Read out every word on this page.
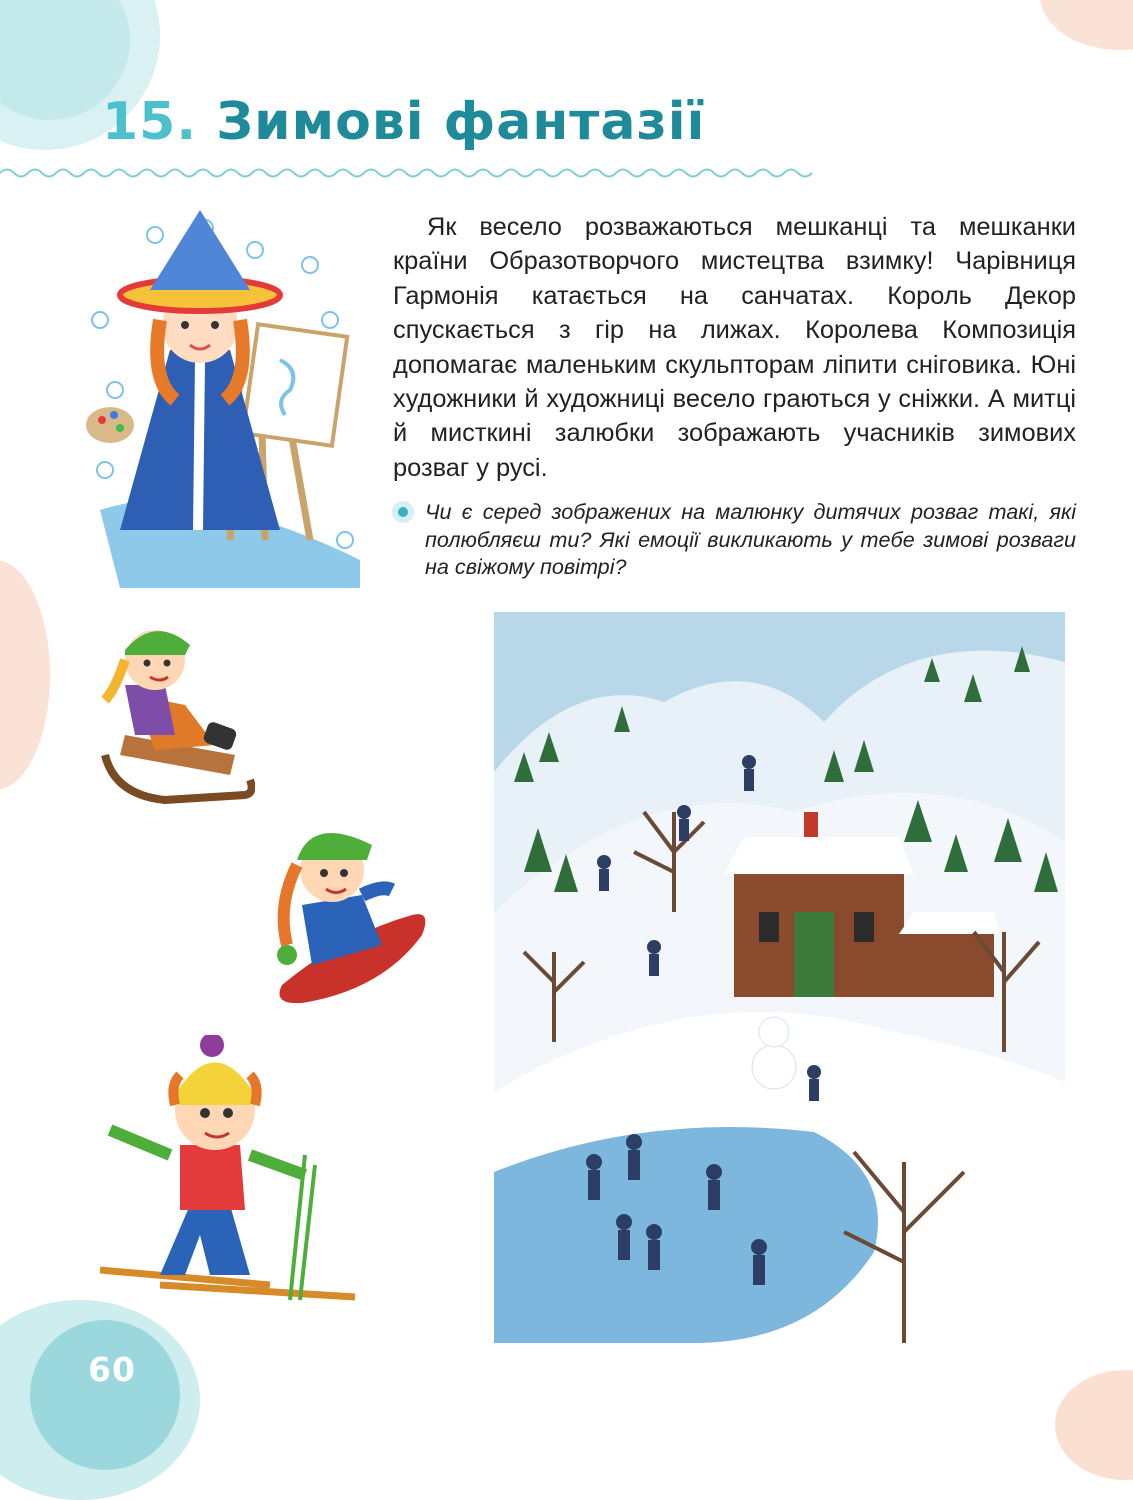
15. Зимові фантазії

Як весело розважаються мешканці та мешканки країни Образотворчого мистецтва взимку! Чарівниця Гармонія катається на санчатах. Король Декор спускається з гір на лижах. Королева Композиція допомагає маленьким скульпторам ліпити сніговика. Юні художники й художниці весело граються у сніжки. А митці й мисткині залюбки зображають учасників зимових розваг у русі.

Чи є серед зображених на малюнку дитячих розваг такі, які полюбляєш ти? Які емоції викликають у тебе зимові розваги на свіжому повітрі?

60
